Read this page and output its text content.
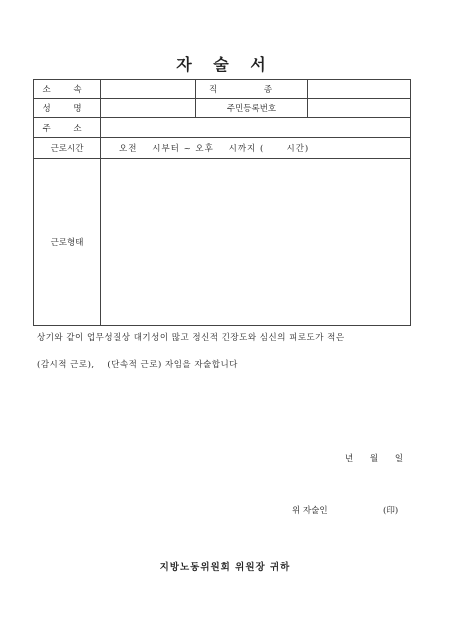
자 술 서
소 속		직 종	
성 명		주민등록번호	
주 소			
근로시간	오전    시부터 ~ 오후    시까지 (      시간)		
근로형태			
상기와 같이 업무성질상 대기성이 많고 정신적 긴장도와 심신의 피로도가 적은
(감시적 근로),    (단속적 근로) 자임을 자술합니다
년 월 일
위 자술인	(印)
지방노동위원회 위원장 귀하
